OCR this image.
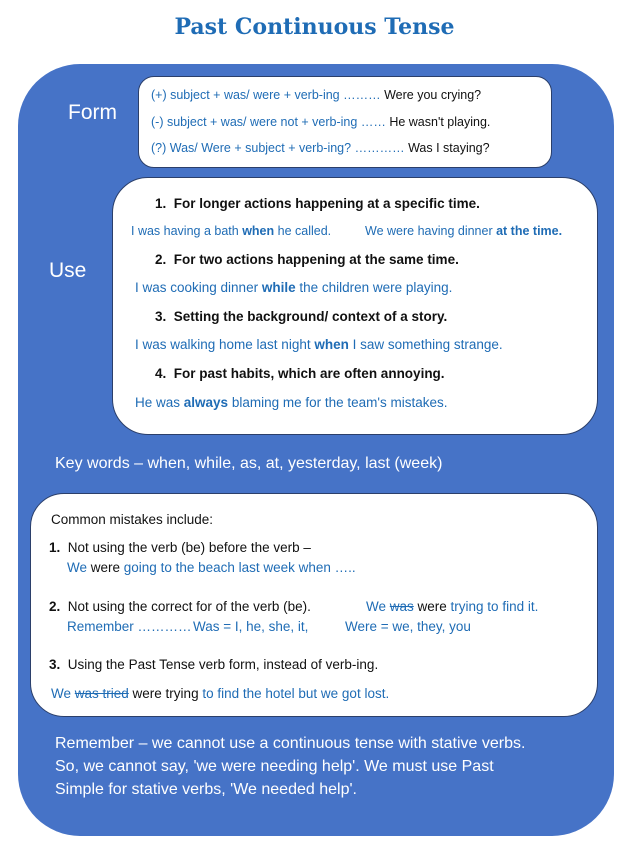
Past Continuous Tense
Form
(+) subject + was/ were + verb-ing ……… Were you crying?
(-) subject + was/ were not + verb-ing …… He wasn't playing.
(?) Was/ Were + subject + verb-ing? ………… Was I staying?
Use
1. For longer actions happening at a specific time.
I was having a bath when he called.	We were having dinner at the time.
2. For two actions happening at the same time.
I was cooking dinner while the children were playing.
3. Setting the background/ context of a story.
I was walking home last night when I saw something strange.
4. For past habits, which are often annoying.
He was always blaming me for the team's mistakes.
Key words – when, while, as, at, yesterday, last (week)
Common mistakes include:
1. Not using the verb (be) before the verb –
We were going to the beach last week when …..
2. Not using the correct for of the verb (be).	We was were trying to find it.
Remember ………… Was = I, he, she, it,	Were = we, they, you
3. Using the Past Tense verb form, instead of verb-ing.
We was tried were trying to find the hotel but we got lost.
Remember – we cannot use a continuous tense with stative verbs.
So, we cannot say, 'we were needing help'. We must use Past
Simple for stative verbs, 'We needed help'.
